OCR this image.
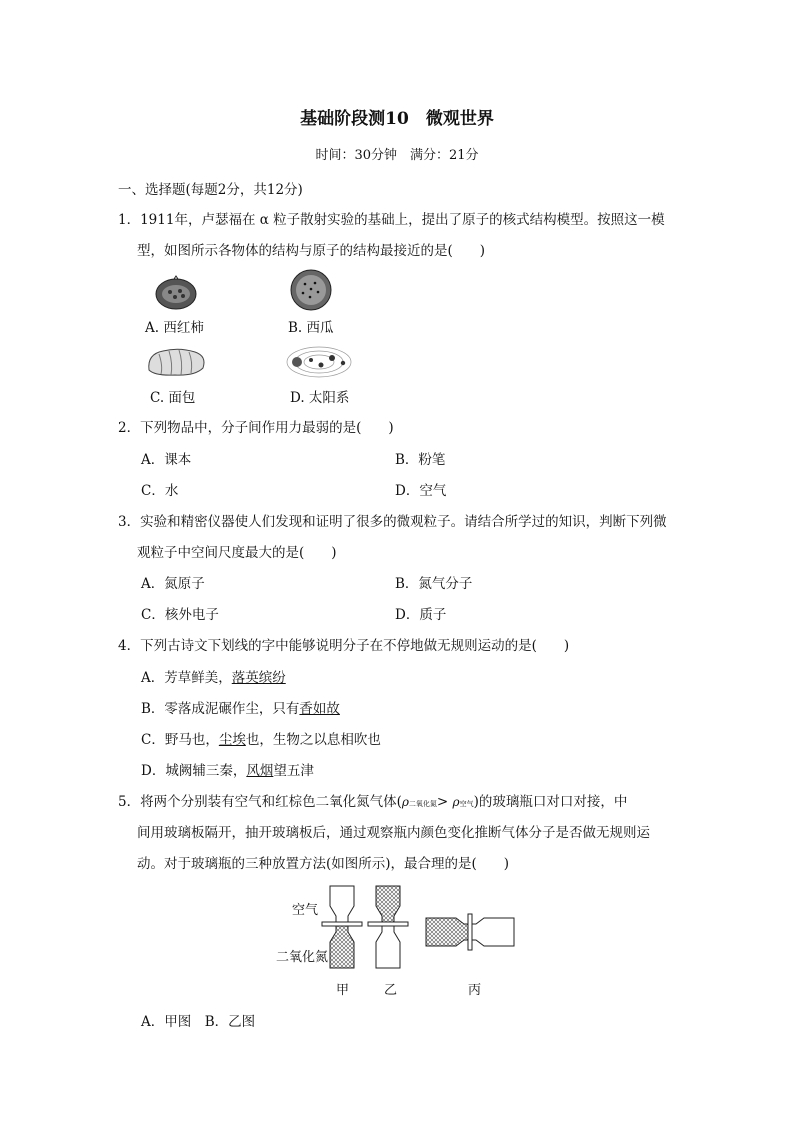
基础阶段测10　微观世界
时间：30分钟　满分：21分
一、选择题(每题2分，共12分)
1．1911年，卢瑟福在 α 粒子散射实验的基础上，提出了原子的核式结构模型。按照这一模
型，如图所示各物体的结构与原子的结构最接近的是(　　)
A. 西红柿	B. 西瓜
C. 面包	D. 太阳系
2．下列物品中，分子间作用力最弱的是(　　)
A．课本	B．粉笔
C．水	D．空气
3．实验和精密仪器使人们发现和证明了很多的微观粒子。请结合所学过的知识，判断下列微
观粒子中空间尺度最大的是(　　)
A．氮原子	B．氮气分子
C．核外电子	D．质子
4．下列古诗文下划线的字中能够说明分子在不停地做无规则运动的是(　　)
A．芳草鲜美，落英缤纷
B．零落成泥碾作尘，只有香如故
C．野马也，尘埃也，生物之以息相吹也
D．城阙辅三秦，风烟望五津
5．将两个分别装有空气和红棕色二氧化氮气体(ρ二氧化氮> ρ空气)的玻璃瓶口对口对接，中
间用玻璃板隔开，抽开玻璃板后，通过观察瓶内颜色变化推断气体分子是否做无规则运
动。对于玻璃瓶的三种放置方法(如图所示)，最合理的是(　　)
空气
二氧化氮
甲	乙	丙
A．甲图　B．乙图
